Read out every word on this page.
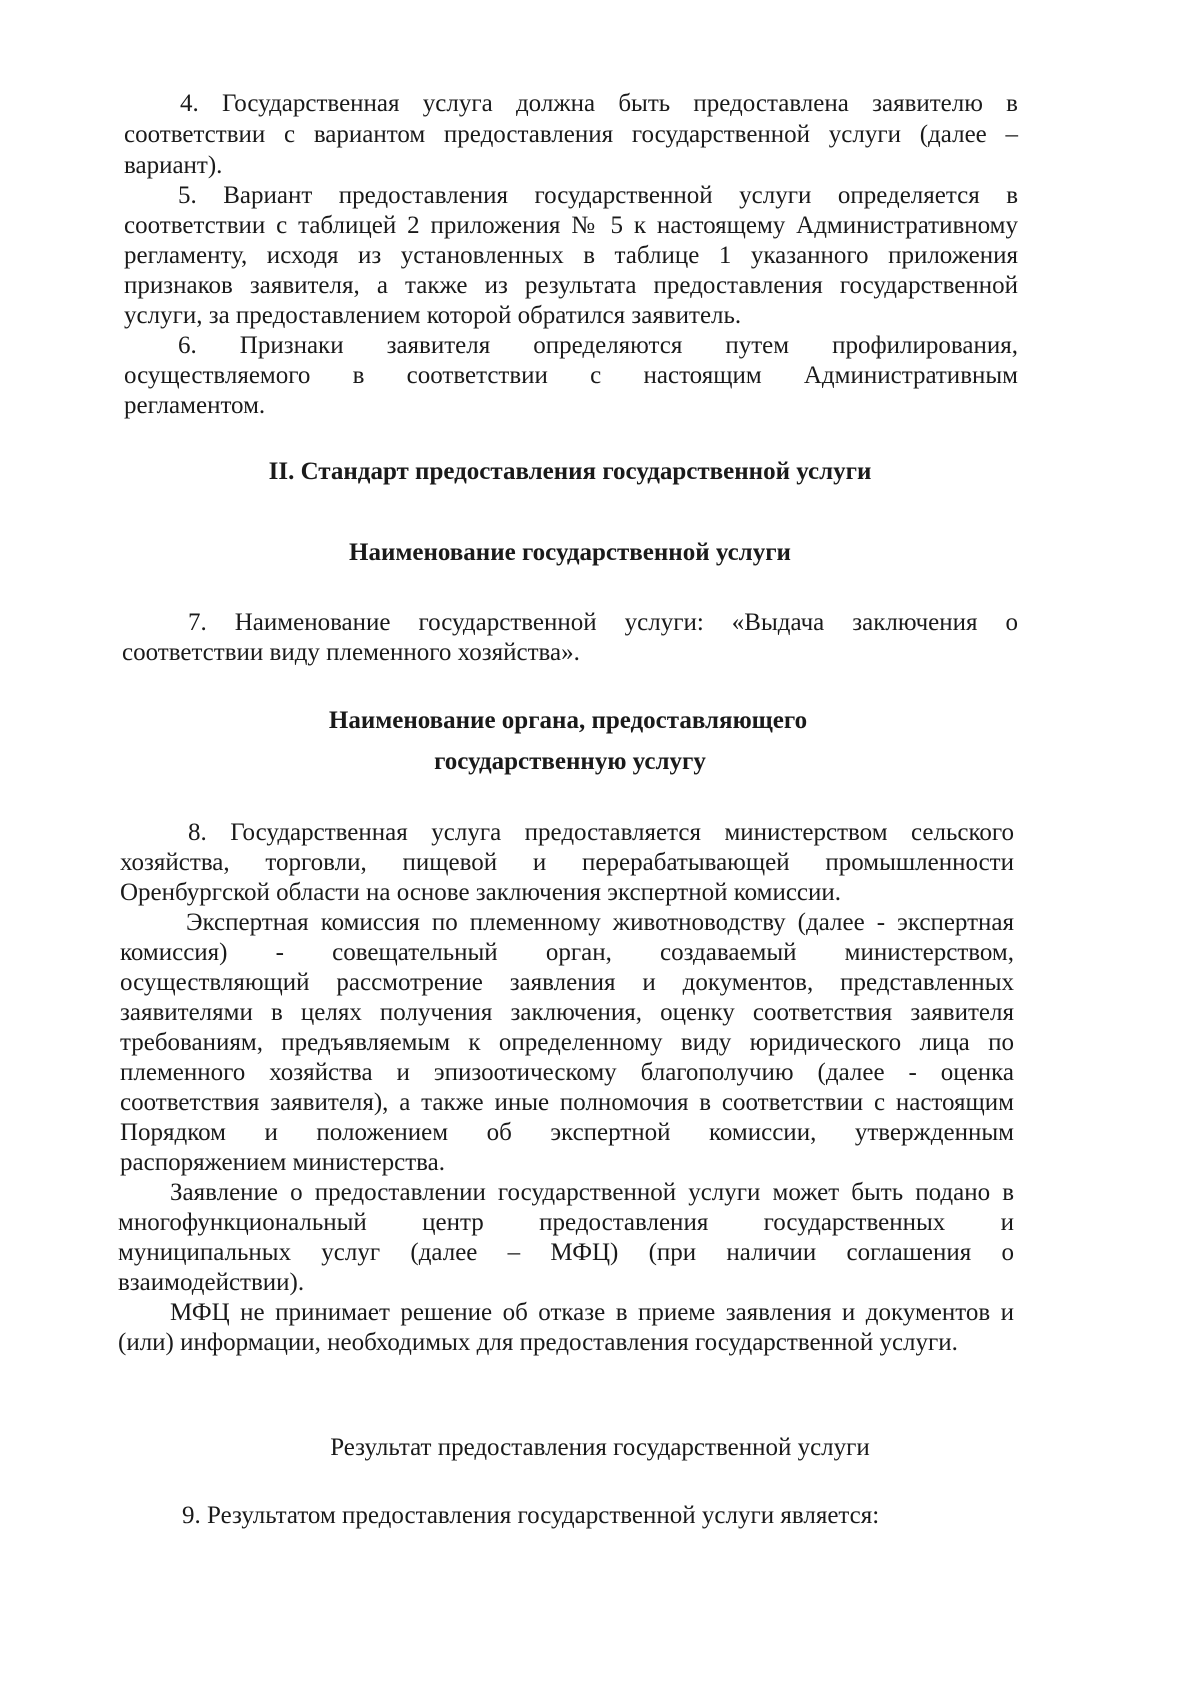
4. Государственная услуга должна быть предоставлена заявителю в

соответствии с вариантом предоставления государственной услуги (далее –

вариант).

5. Вариант предоставления государственной услуги определяется в

соответствии с таблицей 2 приложения № 5 к настоящему Административному

регламенту, исходя из установленных в таблице 1 указанного приложения

признаков заявителя, а также из результата предоставления государственной

услуги, за предоставлением которой обратился заявитель.

6. Признаки заявителя определяются путем профилирования,

осуществляемого в соответствии с настоящим Административным

регламентом.

II. Стандарт предоставления государственной услуги

Наименование государственной услуги

7. Наименование государственной услуги: «Выдача заключения о

соответствии виду племенного хозяйства».

Наименование органа, предоставляющего

государственную услугу

8. Государственная услуга предоставляется министерством сельского

хозяйства, торговли, пищевой и перерабатывающей промышленности

Оренбургской области на основе заключения экспертной комиссии.

Экспертная комиссия по племенному животноводству (далее - экспертная

комиссия) - совещательный орган, создаваемый министерством,

осуществляющий рассмотрение заявления и документов, представленных

заявителями в целях получения заключения, оценку соответствия заявителя

требованиям, предъявляемым к определенному виду юридического лица по

племенного хозяйства и эпизоотическому благополучию (далее - оценка

соответствия заявителя), а также иные полномочия в соответствии с настоящим

Порядком и положением об экспертной комиссии, утвержденным

распоряжением министерства.

Заявление о предоставлении государственной услуги может быть подано в

многофункциональный центр предоставления государственных и

муниципальных услуг (далее – МФЦ) (при наличии соглашения о

взаимодействии).

МФЦ не принимает решение об отказе в приеме заявления и документов и

(или) информации, необходимых для предоставления государственной услуги.

Результат предоставления государственной услуги

9. Результатом предоставления государственной услуги является:
